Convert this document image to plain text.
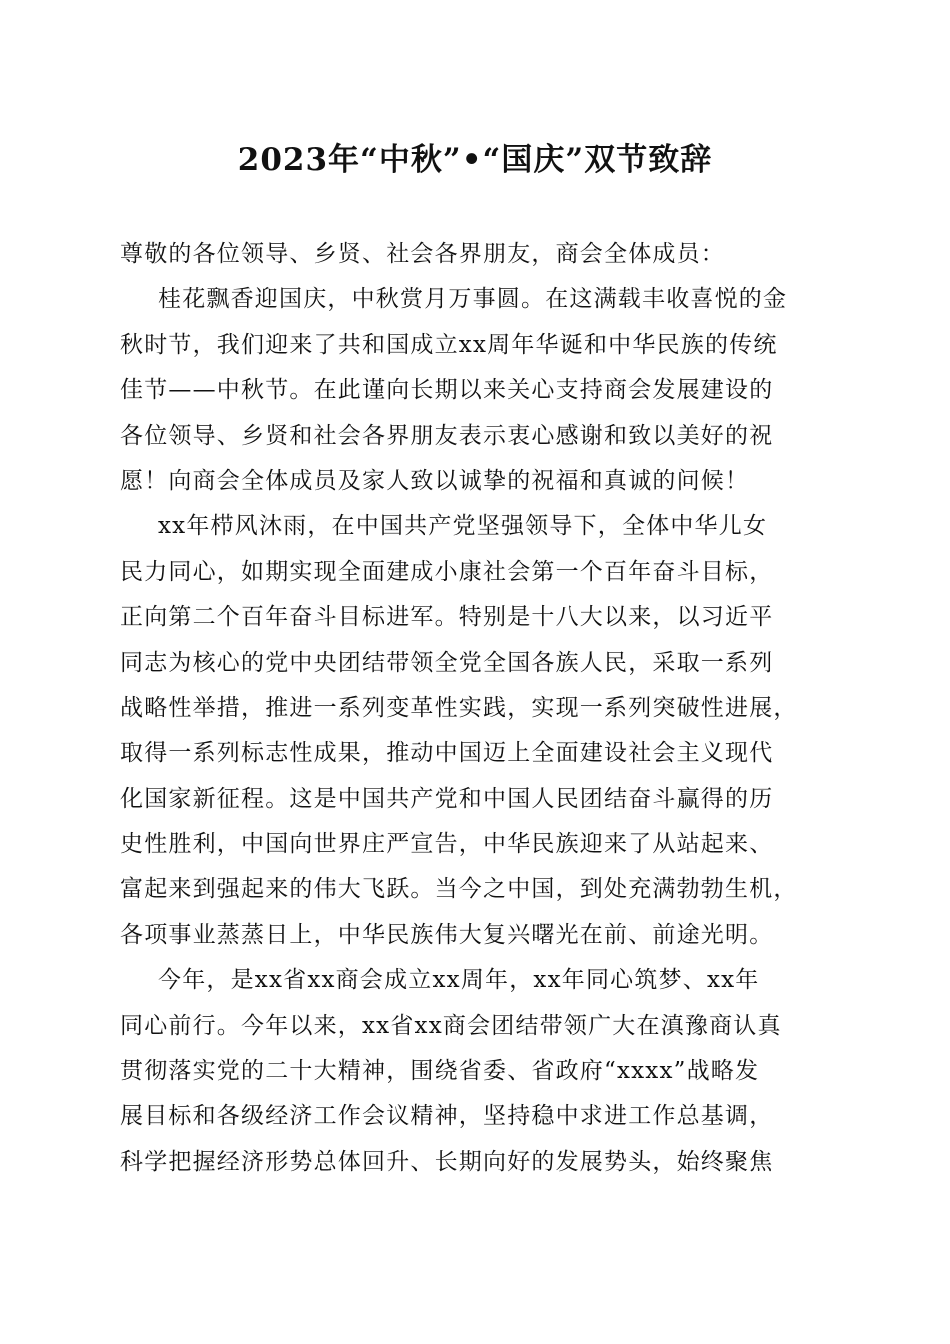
2023年“中秋”•“国庆”双节致辞
尊敬的各位领导、乡贤、社会各界朋友，商会全体成员：
桂花飘香迎国庆，中秋赏月万事圆。在这满载丰收喜悦的金
秋时节，我们迎来了共和国成立xx周年华诞和中华民族的传统
佳节——中秋节。在此谨向长期以来关心支持商会发展建设的
各位领导、乡贤和社会各界朋友表示衷心感谢和致以美好的祝
愿！向商会全体成员及家人致以诚挚的祝福和真诚的问候！
xx年栉风沐雨，在中国共产党坚强领导下，全体中华儿女
民力同心，如期实现全面建成小康社会第一个百年奋斗目标，
正向第二个百年奋斗目标进军。特别是十八大以来，以习近平
同志为核心的党中央团结带领全党全国各族人民，采取一系列
战略性举措，推进一系列变革性实践，实现一系列突破性进展，
取得一系列标志性成果，推动中国迈上全面建设社会主义现代
化国家新征程。这是中国共产党和中国人民团结奋斗赢得的历
史性胜利，中国向世界庄严宣告，中华民族迎来了从站起来、
富起来到强起来的伟大飞跃。当今之中国，到处充满勃勃生机，
各项事业蒸蒸日上，中华民族伟大复兴曙光在前、前途光明。
今年，是xx省xx商会成立xx周年，xx年同心筑梦、xx年
同心前行。今年以来，xx省xx商会团结带领广大在滇豫商认真
贯彻落实党的二十大精神，围绕省委、省政府“xxxx”战略发
展目标和各级经济工作会议精神，坚持稳中求进工作总基调，
科学把握经济形势总体回升、长期向好的发展势头，始终聚焦
